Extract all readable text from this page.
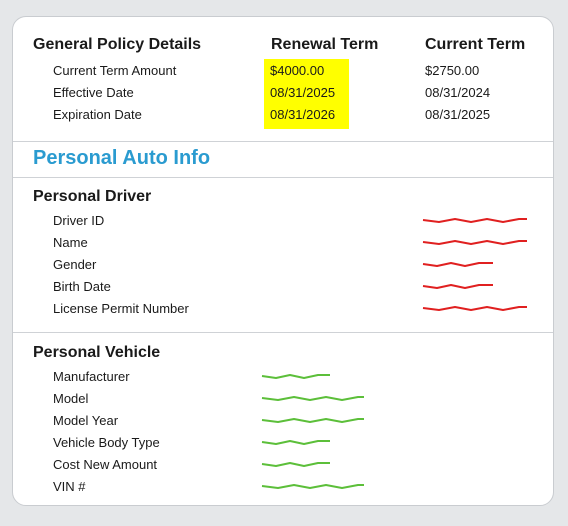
General Policy Details	Renewal Term	Current Term
Current Term Amount	$4000.00	$2750.00
Effective Date	08/31/2025	08/31/2024
Expiration Date	08/31/2026	08/31/2025
Personal Auto Info
Personal Driver
Driver ID
Name
Gender
Birth Date
License Permit Number
Personal Vehicle
Manufacturer
Model
Model Year
Vehicle Body Type
Cost New Amount
VIN #
